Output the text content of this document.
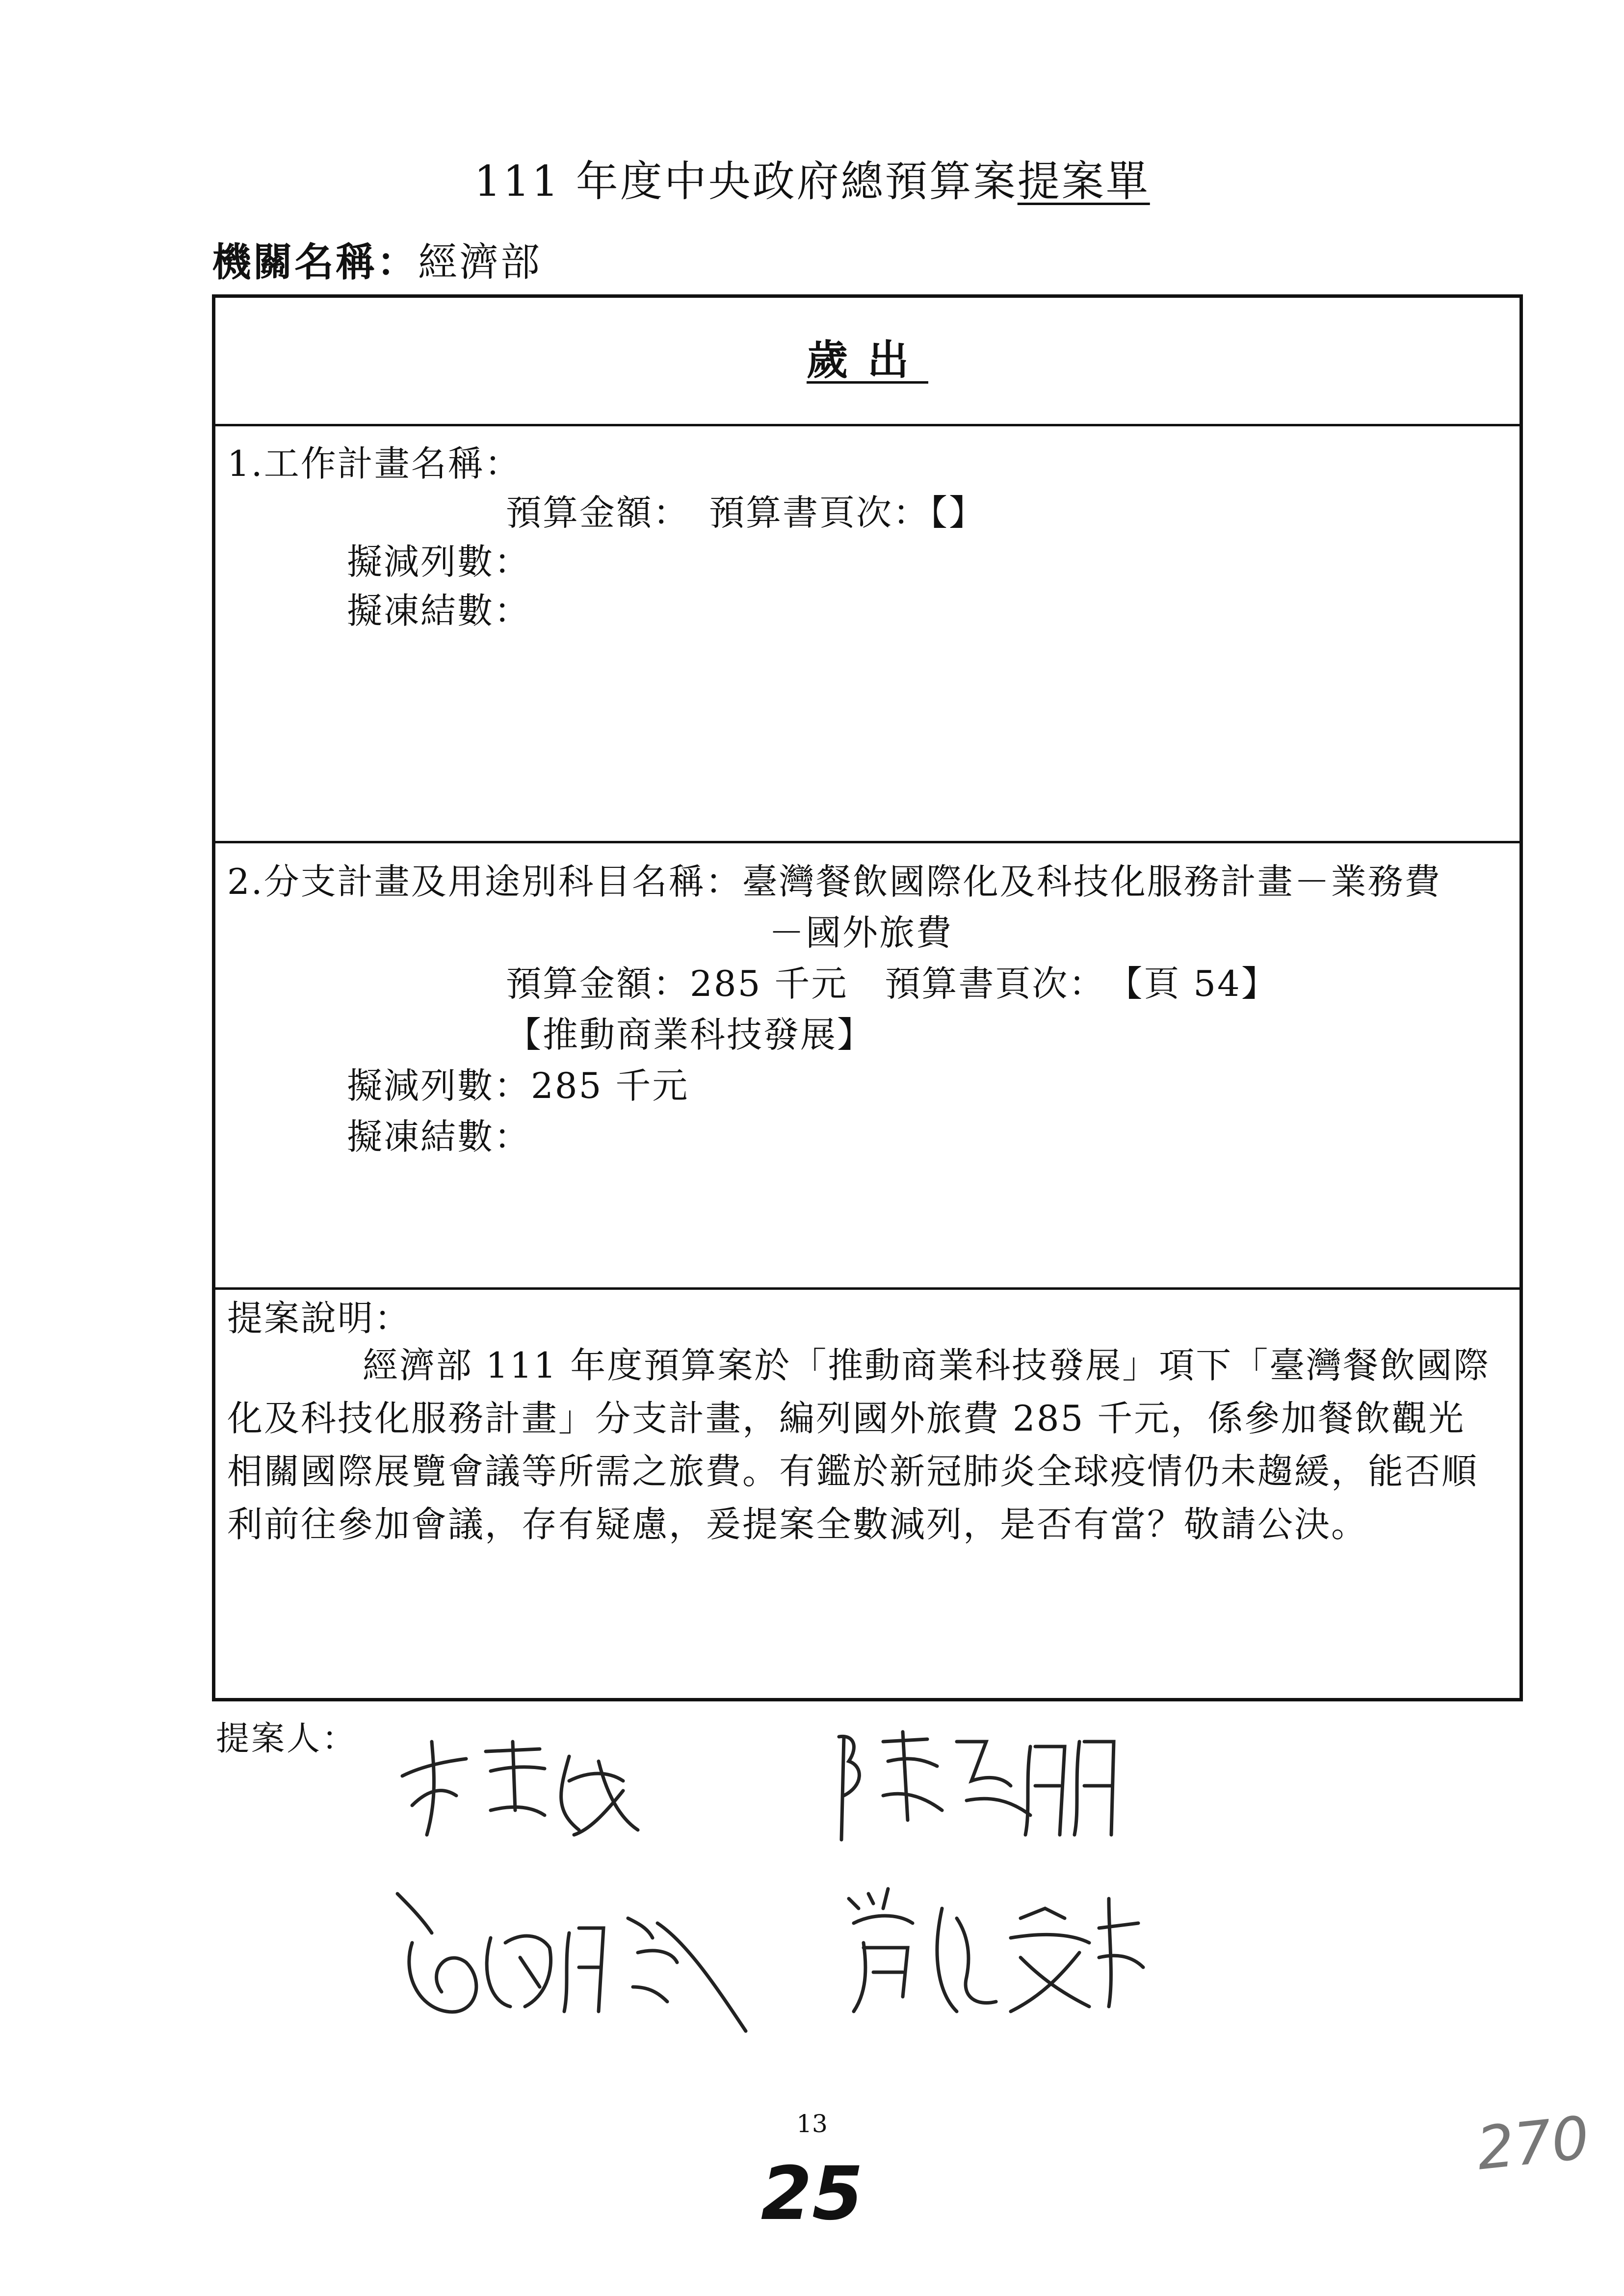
111 年度中央政府總預算案提案單
機關名稱：經濟部
歲出
1.工作計畫名稱：
預算金額：　預算書頁次：【】
擬減列數：
擬凍結數：
2.分支計畫及用途別科目名稱：臺灣餐飲國際化及科技化服務計畫－業務費
－國外旅費
預算金額：285 千元　預算書頁次：　【頁 54】
【推動商業科技發展】
擬減列數：285 千元
擬凍結數：
提案說明：
經濟部 111 年度預算案於「推動商業科技發展」項下「臺灣餐飲國際化及科技化服務計畫」分支計畫，編列國外旅費 285 千元，係參加餐飲觀光相關國際展覽會議等所需之旅費。有鑑於新冠肺炎全球疫情仍未趨緩，能否順利前往參加會議，存有疑慮，爰提案全數減列，是否有當？敬請公決。
提案人：
13
25
270
